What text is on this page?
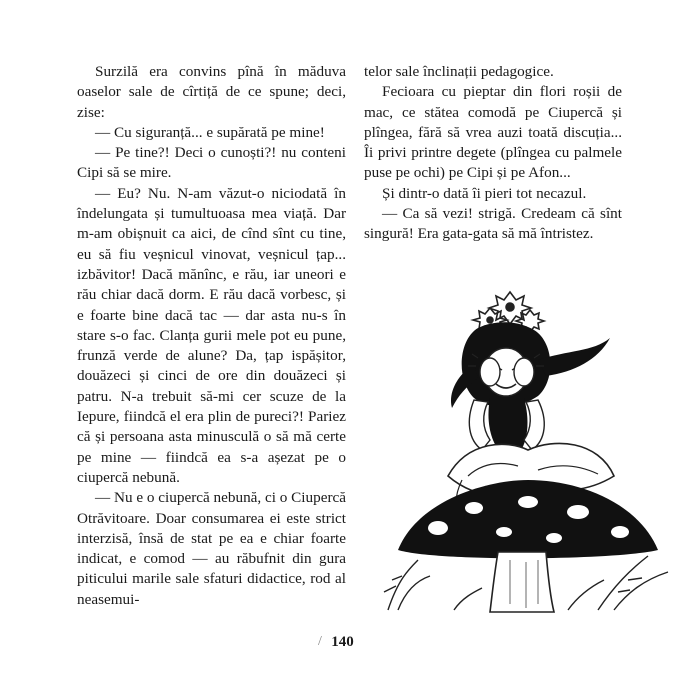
Surzilă era convins pînă în măduva oaselor sale de cîrtiță de ce spune; deci, zise:

— Cu siguranță... e supărată pe mine!

— Pe tine?! Deci o cunoști?! nu conteni Cipi să se mire.

— Eu? Nu. N-am văzut-o niciodată în îndelungata și tumultuoasa mea viață. Dar m-am obișnuit ca aici, de cînd sînt cu tine, eu să fiu veșnicul vinovat, veșnicul țap... izbăvitor! Dacă mănînc, e rău, iar uneori e rău chiar dacă dorm. E rău dacă vorbesc, și e foarte bine dacă tac — dar asta nu-s în stare s-o fac. Clanța gurii mele pot eu pune, frunză verde de alune? Da, țap ispășitor, douăzeci și cinci de ore din douăzeci și patru. N-a trebuit să-mi cer scuze de la Iepure, fiindcă el era plin de pureci?! Pariez că și persoana asta minusculă o să mă certe pe mine — fiindcă ea s-a așezat pe o ciupercă nebună.

— Nu e o ciupercă nebună, ci o Ciupercă Otrăvitoare. Doar consumarea ei este strict interzisă, însă de stat pe ea e chiar foarte indicat, e comod — au răbufnit din gura piticului marile sale sfaturi didactice, rod al neasemui-

telor sale înclinații pedagogice.

Fecioara cu pieptar din flori roșii de mac, ce stătea comodă pe Ciupercă și plîngea, fără să vrea auzi toată discuția... Îi privi printre degete (plîngea cu palmele puse pe ochi) pe Cipi și pe Afon...

Și dintr-o dată îi pieri tot necazul.

— Ca să vezi! strigă. Credeam că sînt singură! Era gata-gata să mă întristez.

/ 140
